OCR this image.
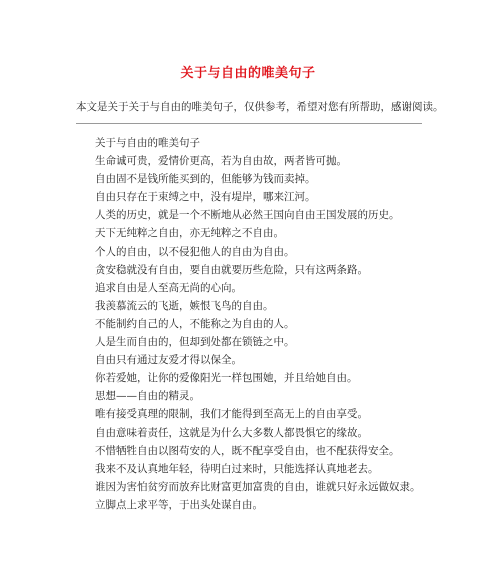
关于与自由的唯美句子
本文是关于关于与自由的唯美句子，仅供参考，希望对您有所帮助，感谢阅读。
关于与自由的唯美句子
生命诚可贵，爱情价更高，若为自由故，两者皆可抛。
自由固不是钱所能买到的，但能够为钱而卖掉。
自由只存在于束缚之中，没有堤岸，哪来江河。
人类的历史，就是一个不断地从必然王国向自由王国发展的历史。
天下无纯粹之自由，亦无纯粹之不自由。
个人的自由，以不侵犯他人的自由为自由。
贪安稳就没有自由，要自由就要历些危险，只有这两条路。
追求自由是人至高无尚的心向。
我羡慕流云的飞逝，嫉恨飞鸟的自由。
不能制约自己的人，不能称之为自由的人。
人是生而自由的，但却到处都在锁链之中。
自由只有通过友爱才得以保全。
你若爱她，让你的爱像阳光一样包围她，并且给她自由。
思想——自由的精灵。
唯有接受真理的限制，我们才能得到至高无上的自由享受。
自由意味着责任，这就是为什么大多数人都畏惧它的缘故。
不惜牺牲自由以图苟安的人，既不配享受自由，也不配获得安全。
我来不及认真地年轻，待明白过来时，只能选择认真地老去。
谁因为害怕贫穷而放弃比财富更加富贵的自由，谁就只好永远做奴隶。
立脚点上求平等，于出头处谋自由。
